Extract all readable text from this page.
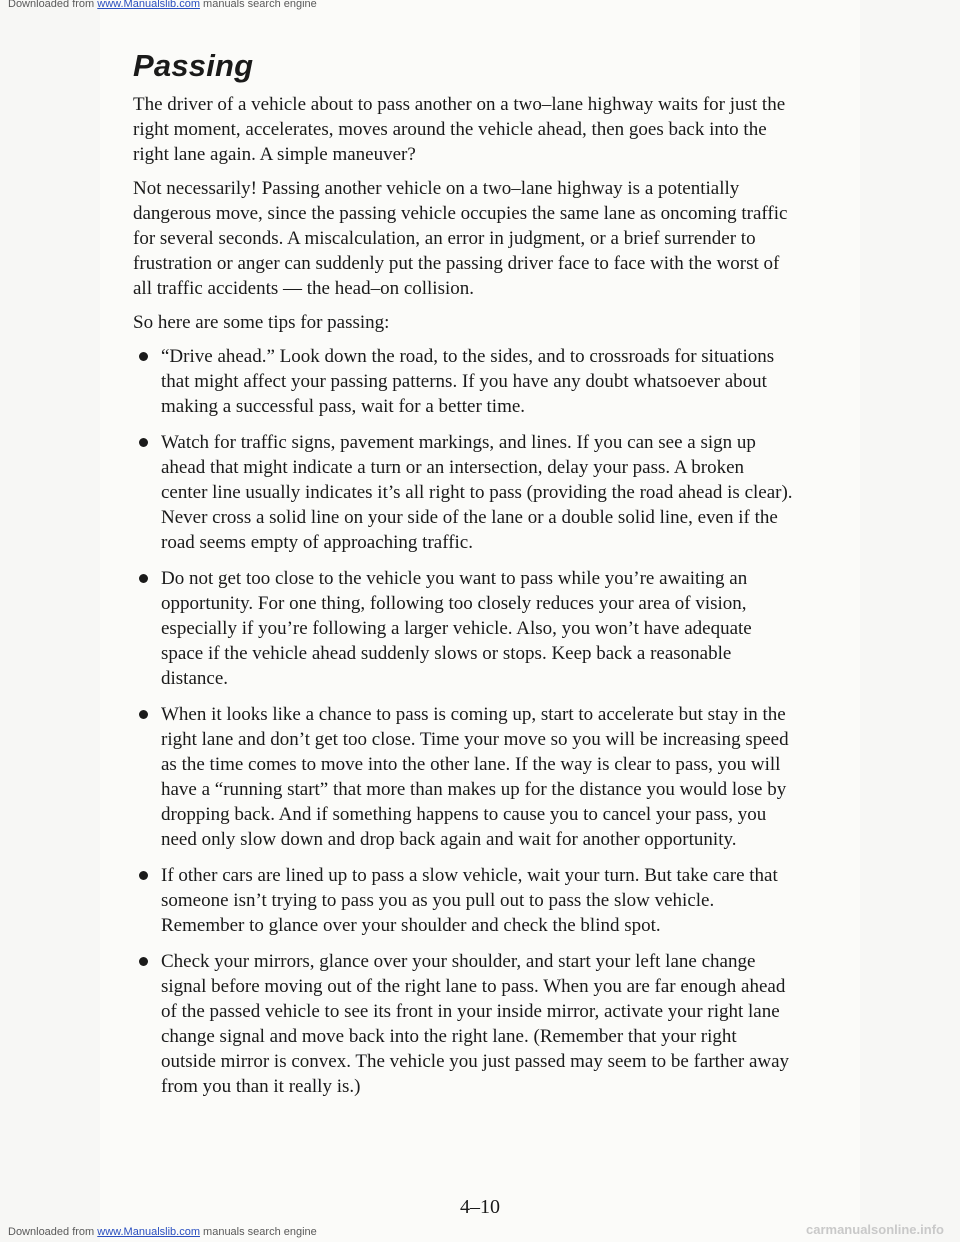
Downloaded from www.Manualslib.com manuals search engine
Passing

The driver of a vehicle about to pass another on a two–lane highway waits for just the right moment, accelerates, moves around the vehicle ahead, then goes back into the right lane again. A simple maneuver?

Not necessarily! Passing another vehicle on a two–lane highway is a potentially dangerous move, since the passing vehicle occupies the same lane as oncoming traffic for several seconds. A miscalculation, an error in judgment, or a brief surrender to frustration or anger can suddenly put the passing driver face to face with the worst of all traffic accidents — the head–on collision.

So here are some tips for passing:

“Drive ahead.” Look down the road, to the sides, and to crossroads for situations that might affect your passing patterns. If you have any doubt whatsoever about making a successful pass, wait for a better time.
Watch for traffic signs, pavement markings, and lines. If you can see a sign up ahead that might indicate a turn or an intersection, delay your pass. A broken center line usually indicates it’s all right to pass (providing the road ahead is clear). Never cross a solid line on your side of the lane or a double solid line, even if the road seems empty of approaching traffic.
Do not get too close to the vehicle you want to pass while you’re awaiting an opportunity. For one thing, following too closely reduces your area of vision, especially if you’re following a larger vehicle. Also, you won’t have adequate space if the vehicle ahead suddenly slows or stops. Keep back a reasonable distance.
When it looks like a chance to pass is coming up, start to accelerate but stay in the right lane and don’t get too close. Time your move so you will be increasing speed as the time comes to move into the other lane. If the way is clear to pass, you will have a “running start” that more than makes up for the distance you would lose by dropping back. And if something happens to cause you to cancel your pass, you need only slow down and drop back again and wait for another opportunity.
If other cars are lined up to pass a slow vehicle, wait your turn. But take care that someone isn’t trying to pass you as you pull out to pass the slow vehicle. Remember to glance over your shoulder and check the blind spot.
Check your mirrors, glance over your shoulder, and start your left lane change signal before moving out of the right lane to pass. When you are far enough ahead of the passed vehicle to see its front in your inside mirror, activate your right lane change signal and move back into the right lane. (Remember that your right outside mirror is convex. The vehicle you just passed may seem to be farther away from you than it really is.)
4–10
Downloaded from www.Manualslib.com manuals search engine	carmanualsonline.info
